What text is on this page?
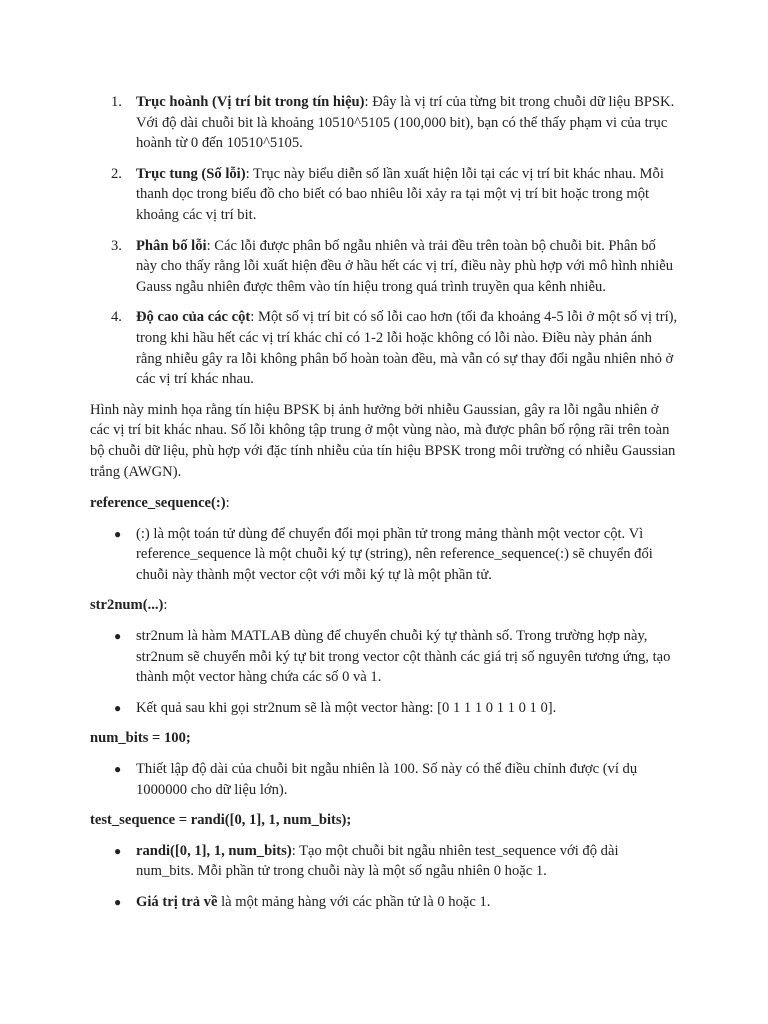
1. Trục hoành (Vị trí bit trong tín hiệu): Đây là vị trí của từng bit trong chuỗi dữ liệu BPSK. Với độ dài chuỗi bit là khoảng 10510^5105 (100,000 bit), bạn có thể thấy phạm vi của trục hoành từ 0 đến 10510^5105.
2. Trục tung (Số lỗi): Trục này biểu diễn số lần xuất hiện lỗi tại các vị trí bit khác nhau. Mỗi thanh dọc trong biểu đồ cho biết có bao nhiêu lỗi xảy ra tại một vị trí bit hoặc trong một khoảng các vị trí bit.
3. Phân bố lỗi: Các lỗi được phân bố ngẫu nhiên và trải đều trên toàn bộ chuỗi bit. Phân bố này cho thấy rằng lỗi xuất hiện đều ở hầu hết các vị trí, điều này phù hợp với mô hình nhiễu Gauss ngẫu nhiên được thêm vào tín hiệu trong quá trình truyền qua kênh nhiễu.
4. Độ cao của các cột: Một số vị trí bit có số lỗi cao hơn (tối đa khoảng 4-5 lỗi ở một số vị trí), trong khi hầu hết các vị trí khác chỉ có 1-2 lỗi hoặc không có lỗi nào. Điều này phản ánh rằng nhiễu gây ra lỗi không phân bố hoàn toàn đều, mà vẫn có sự thay đổi ngẫu nhiên nhỏ ở các vị trí khác nhau.

Hình này minh họa rằng tín hiệu BPSK bị ảnh hưởng bởi nhiễu Gaussian, gây ra lỗi ngẫu nhiên ở các vị trí bit khác nhau. Số lỗi không tập trung ở một vùng nào, mà được phân bố rộng rãi trên toàn bộ chuỗi dữ liệu, phù hợp với đặc tính nhiễu của tín hiệu BPSK trong môi trường có nhiễu Gaussian trắng (AWGN).

reference_sequence(:):

● (:) là một toán tử dùng để chuyển đổi mọi phần tử trong mảng thành một vector cột. Vì reference_sequence là một chuỗi ký tự (string), nên reference_sequence(:) sẽ chuyển đổi chuỗi này thành một vector cột với mỗi ký tự là một phần tử.

str2num(...):

● str2num là hàm MATLAB dùng để chuyển chuỗi ký tự thành số. Trong trường hợp này, str2num sẽ chuyển mỗi ký tự bit trong vector cột thành các giá trị số nguyên tương ứng, tạo thành một vector hàng chứa các số 0 và 1.
● Kết quả sau khi gọi str2num sẽ là một vector hàng: [0 1 1 1 0 1 1 0 1 0].

num_bits = 100;

● Thiết lập độ dài của chuỗi bit ngẫu nhiên là 100. Số này có thể điều chỉnh được (ví dụ 1000000 cho dữ liệu lớn).

test_sequence = randi([0, 1], 1, num_bits);

● randi([0, 1], 1, num_bits): Tạo một chuỗi bit ngẫu nhiên test_sequence với độ dài num_bits. Mỗi phần tử trong chuỗi này là một số ngẫu nhiên 0 hoặc 1.
● Giá trị trả về là một mảng hàng với các phần tử là 0 hoặc 1.
